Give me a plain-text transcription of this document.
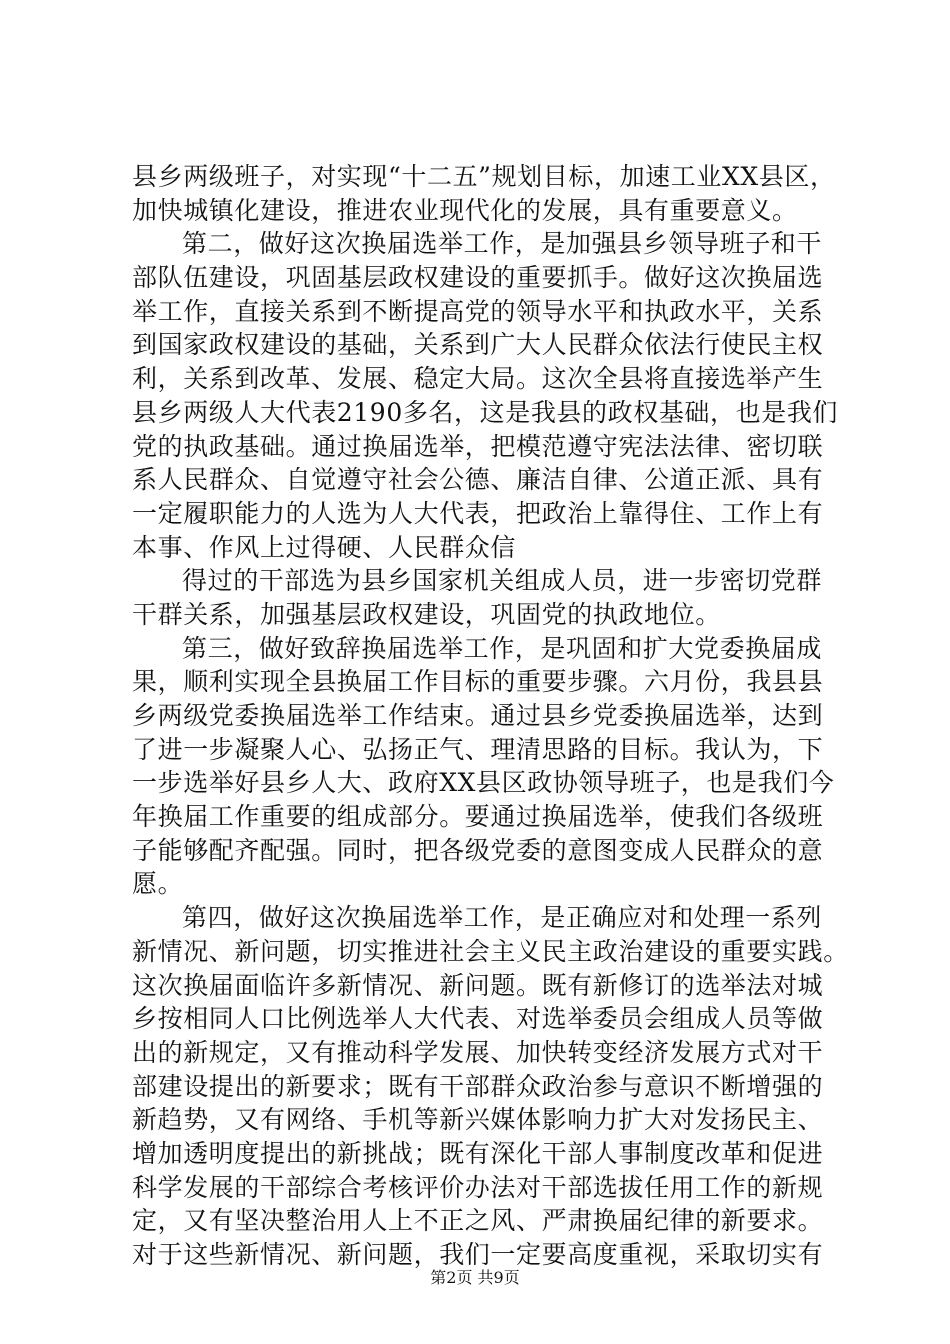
县乡两级班子，对实现“十二五”规划目标，加速工业XX县区，
加快城镇化建设，推进农业现代化的发展，具有重要意义。
第二，做好这次换届选举工作，是加强县乡领导班子和干
部队伍建设，巩固基层政权建设的重要抓手。做好这次换届选
举工作，直接关系到不断提高党的领导水平和执政水平，关系
到国家政权建设的基础，关系到广大人民群众依法行使民主权
利，关系到改革、发展、稳定大局。这次全县将直接选举产生
县乡两级人大代表2190多名，这是我县的政权基础，也是我们
党的执政基础。通过换届选举，把模范遵守宪法法律、密切联
系人民群众、自觉遵守社会公德、廉洁自律、公道正派、具有
一定履职能力的人选为人大代表，把政治上靠得住、工作上有
本事、作风上过得硬、人民群众信
得过的干部选为县乡国家机关组成人员，进一步密切党群
干群关系，加强基层政权建设，巩固党的执政地位。
第三，做好致辞换届选举工作，是巩固和扩大党委换届成
果，顺利实现全县换届工作目标的重要步骤。六月份，我县县
乡两级党委换届选举工作结束。通过县乡党委换届选举，达到
了进一步凝聚人心、弘扬正气、理清思路的目标。我认为，下
一步选举好县乡人大、政府XX县区政协领导班子，也是我们今
年换届工作重要的组成部分。要通过换届选举，使我们各级班
子能够配齐配强。同时，把各级党委的意图变成人民群众的意
愿。
第四，做好这次换届选举工作，是正确应对和处理一系列
新情况、新问题，切实推进社会主义民主政治建设的重要实践。
这次换届面临许多新情况、新问题。既有新修订的选举法对城
乡按相同人口比例选举人大代表、对选举委员会组成人员等做
出的新规定，又有推动科学发展、加快转变经济发展方式对干
部建设提出的新要求；既有干部群众政治参与意识不断增强的
新趋势，又有网络、手机等新兴媒体影响力扩大对发扬民主、
增加透明度提出的新挑战；既有深化干部人事制度改革和促进
科学发展的干部综合考核评价办法对干部选拔任用工作的新规
定，又有坚决整治用人上不正之风、严肃换届纪律的新要求。
对于这些新情况、新问题，我们一定要高度重视，采取切实有
第2页 共9页
